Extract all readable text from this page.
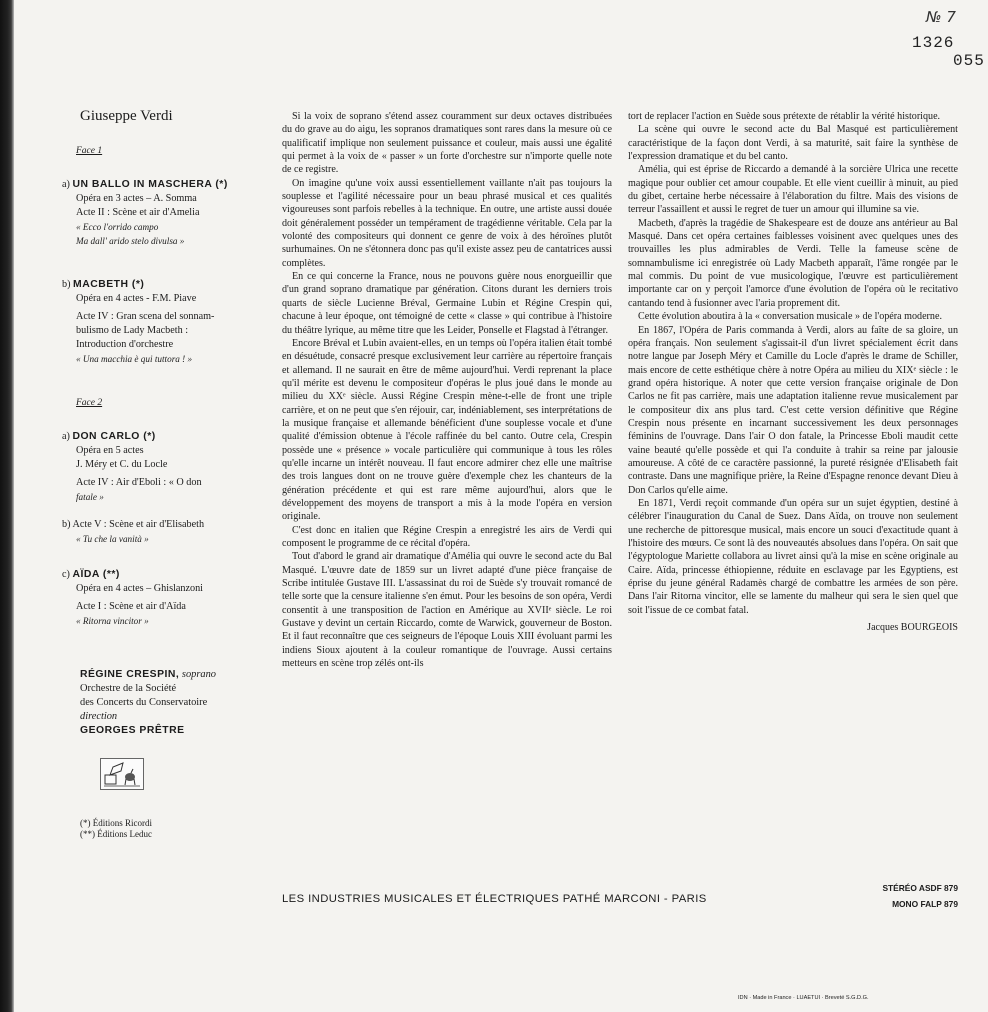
№ 7
1326
055
Giuseppe Verdi
Face 1
a) UN BALLO IN MASCHERA (*)
Opéra en 3 actes – A. Somma
Acte II : Scène et air d'Amelia
« Ecco l'orrido campo
Ma dall' arido stelo divulsa »
b) MACBETH (*)
Opéra en 4 actes - F.M. Piave
Acte IV : Gran scena del sonnam-
bulismo de Lady Macbeth :
Introduction d'orchestre
« Una macchia è qui tuttora ! »
Face 2
a) DON CARLO (*)
Opéra en 5 actes
J. Méry et C. du Locle
Acte IV : Air d'Eboli : « O don
fatale »
b) Acte V : Scène et air d'Elisabeth
« Tu che la vanità »
c) AÏDA (**)
Opéra en 4 actes – Ghislanzoni
Acte I : Scène et air d'Aïda
« Ritorna vincitor »
RÉGINE CRESPIN, soprano
Orchestre de la Société
des Concerts du Conservatoire
direction
GEORGES PRÊTRE
(*) Éditions Ricordi
(**) Éditions Leduc

Si la voix de soprano s'étend assez couramment sur deux octaves distribuées du do grave au do aigu, les sopranos dramatiques sont rares dans la mesure où ce qualificatif implique non seulement puissance et couleur, mais aussi une égalité qui permet à la voix de « passer » un forte d'orchestre sur n'importe quelle note de ce registre.

On imagine qu'une voix aussi essentiellement vaillante n'ait pas toujours la souplesse et l'agilité nécessaire pour un beau phrasé musical et ces qualités vigoureuses sont parfois rebelles à la technique. En outre, une artiste aussi douée doit généralement posséder un tempérament de tragédienne véritable. Cela par la volonté des compositeurs qui donnent ce genre de voix à des héroïnes plutôt surhumaines. On ne s'étonnera donc pas qu'il existe assez peu de cantatrices aussi complètes.

En ce qui concerne la France, nous ne pouvons guère nous enorgueillir que d'un grand soprano dramatique par génération. Citons durant les derniers trois quarts de siècle Lucienne Bréval, Germaine Lubin et Régine Crespin qui, chacune à leur époque, ont témoigné de cette « classe » qui contribue à l'histoire du théâtre lyrique, au même titre que les Leider, Ponselle et Flagstad à l'étranger.

Encore Bréval et Lubin avaient-elles, en un temps où l'opéra italien était tombé en désuétude, consacré presque exclusivement leur carrière au répertoire français et allemand. Il ne saurait en être de même aujourd'hui. Verdi reprenant la place qu'il mérite est devenu le compositeur d'opéras le plus joué dans le monde au milieu du XXᵉ siècle. Aussi Régine Crespin mène-t-elle de front une triple carrière, et on ne peut que s'en réjouir, car, indéniablement, ses interprétations de la musique française et allemande bénéficient d'une souplesse vocale et d'une qualité d'émission obtenue à l'école raffinée du bel canto. Outre cela, Crespin possède une « présence » vocale particulière qui communique à tous les rôles qu'elle incarne un intérêt nouveau. Il faut encore admirer chez elle une maîtrise des trois langues dont on ne trouve guère d'exemple chez les chanteurs de la génération précédente et qui est rare même aujourd'hui, alors que le développement des moyens de transport a mis à la mode l'opéra en version originale.

C'est donc en italien que Régine Crespin a enregistré les airs de Verdi qui composent le programme de ce récital d'opéra.

Tout d'abord le grand air dramatique d'Amélia qui ouvre le second acte du Bal Masqué. L'œuvre date de 1859 sur un livret adapté d'une pièce française de Scribe intitulée Gustave III. L'assassinat du roi de Suède s'y trouvait romancé de telle sorte que la censure italienne s'en émut. Pour les besoins de son opéra, Verdi consentit à une transposition de l'action en Amérique au XVIIᵉ siècle. Le roi Gustave y devint un certain Riccardo, comte de Warwick, gouverneur de Boston. Et il faut reconnaître que ces seigneurs de l'époque Louis XIII évoluant parmi les indiens Sioux ajoutent à la couleur romantique de l'ouvrage. Aussi certains metteurs en scène trop zélés ont-ils

tort de replacer l'action en Suède sous prétexte de rétablir la vérité historique.

La scène qui ouvre le second acte du Bal Masqué est particulièrement caractéristique de la façon dont Verdi, à sa maturité, sait faire la synthèse de l'expression dramatique et du bel canto.

Amélia, qui est éprise de Riccardo a demandé à la sorcière Ulrica une recette magique pour oublier cet amour coupable. Et elle vient cueillir à minuit, au pied du gibet, certaine herbe nécessaire à l'élaboration du filtre. Mais des visions de terreur l'assaillent et aussi le regret de tuer un amour qui illumine sa vie.

Macbeth, d'après la tragédie de Shakespeare est de douze ans antérieur au Bal Masqué. Dans cet opéra certaines faiblesses voisinent avec quelques unes des trouvailles les plus admirables de Verdi. Telle la fameuse scène de somnambulisme ici enregistrée où Lady Macbeth apparaît, l'âme rongée par le mal commis. Du point de vue musicologique, l'œuvre est particulièrement importante car on y perçoit l'amorce d'une évolution de l'opéra où le recitativo cantando tend à fusionner avec l'aria proprement dit.

Cette évolution aboutira à la « conversation musicale » de l'opéra moderne.

En 1867, l'Opéra de Paris commanda à Verdi, alors au faîte de sa gloire, un opéra français. Non seulement s'agissait-il d'un livret spécialement écrit dans notre langue par Joseph Méry et Camille du Locle d'après le drame de Schiller, mais encore de cette esthétique chère à notre Opéra au milieu du XIXᵉ siècle : le grand opéra historique. A noter que cette version française originale de Don Carlos ne fit pas carrière, mais une adaptation italienne revue musicalement par le compositeur dix ans plus tard. C'est cette version définitive que Régine Crespin nous présente en incarnant successivement les deux personnages féminins de l'ouvrage. Dans l'air O don fatale, la Princesse Eboli maudit cette vaine beauté qu'elle possède et qui l'a conduite à trahir sa reine par jalousie amoureuse. A côté de ce caractère passionné, la pureté résignée d'Elisabeth fait contraste. Dans une magnifique prière, la Reine d'Espagne renonce devant Dieu à Don Carlos qu'elle aime.

En 1871, Verdi reçoit commande d'un opéra sur un sujet égyptien, destiné à célébrer l'inauguration du Canal de Suez. Dans Aïda, on trouve non seulement une recherche de pittoresque musical, mais encore un souci d'exactitude quant à l'histoire des mœurs. Ce sont là des nouveautés absolues dans l'opéra. On sait que l'égyptologue Mariette collabora au livret ainsi qu'à la mise en scène originale au Caire. Aïda, princesse éthiopienne, réduite en esclavage par les Egyptiens, est éprise du jeune général Radamès chargé de combattre les armées de son père. Dans l'air Ritorna vincitor, elle se lamente du malheur qui sera le sien quel que soit l'issue de ce combat fatal.

Jacques BOURGEOIS
LES INDUSTRIES MUSICALES ET ÉLECTRIQUES PATHÉ MARCONI - PARIS
STÉRÉO ASDF 879
MONO FALP 879
IDN · Made in France · LUAETUI · Breveté S.G.D.G.
